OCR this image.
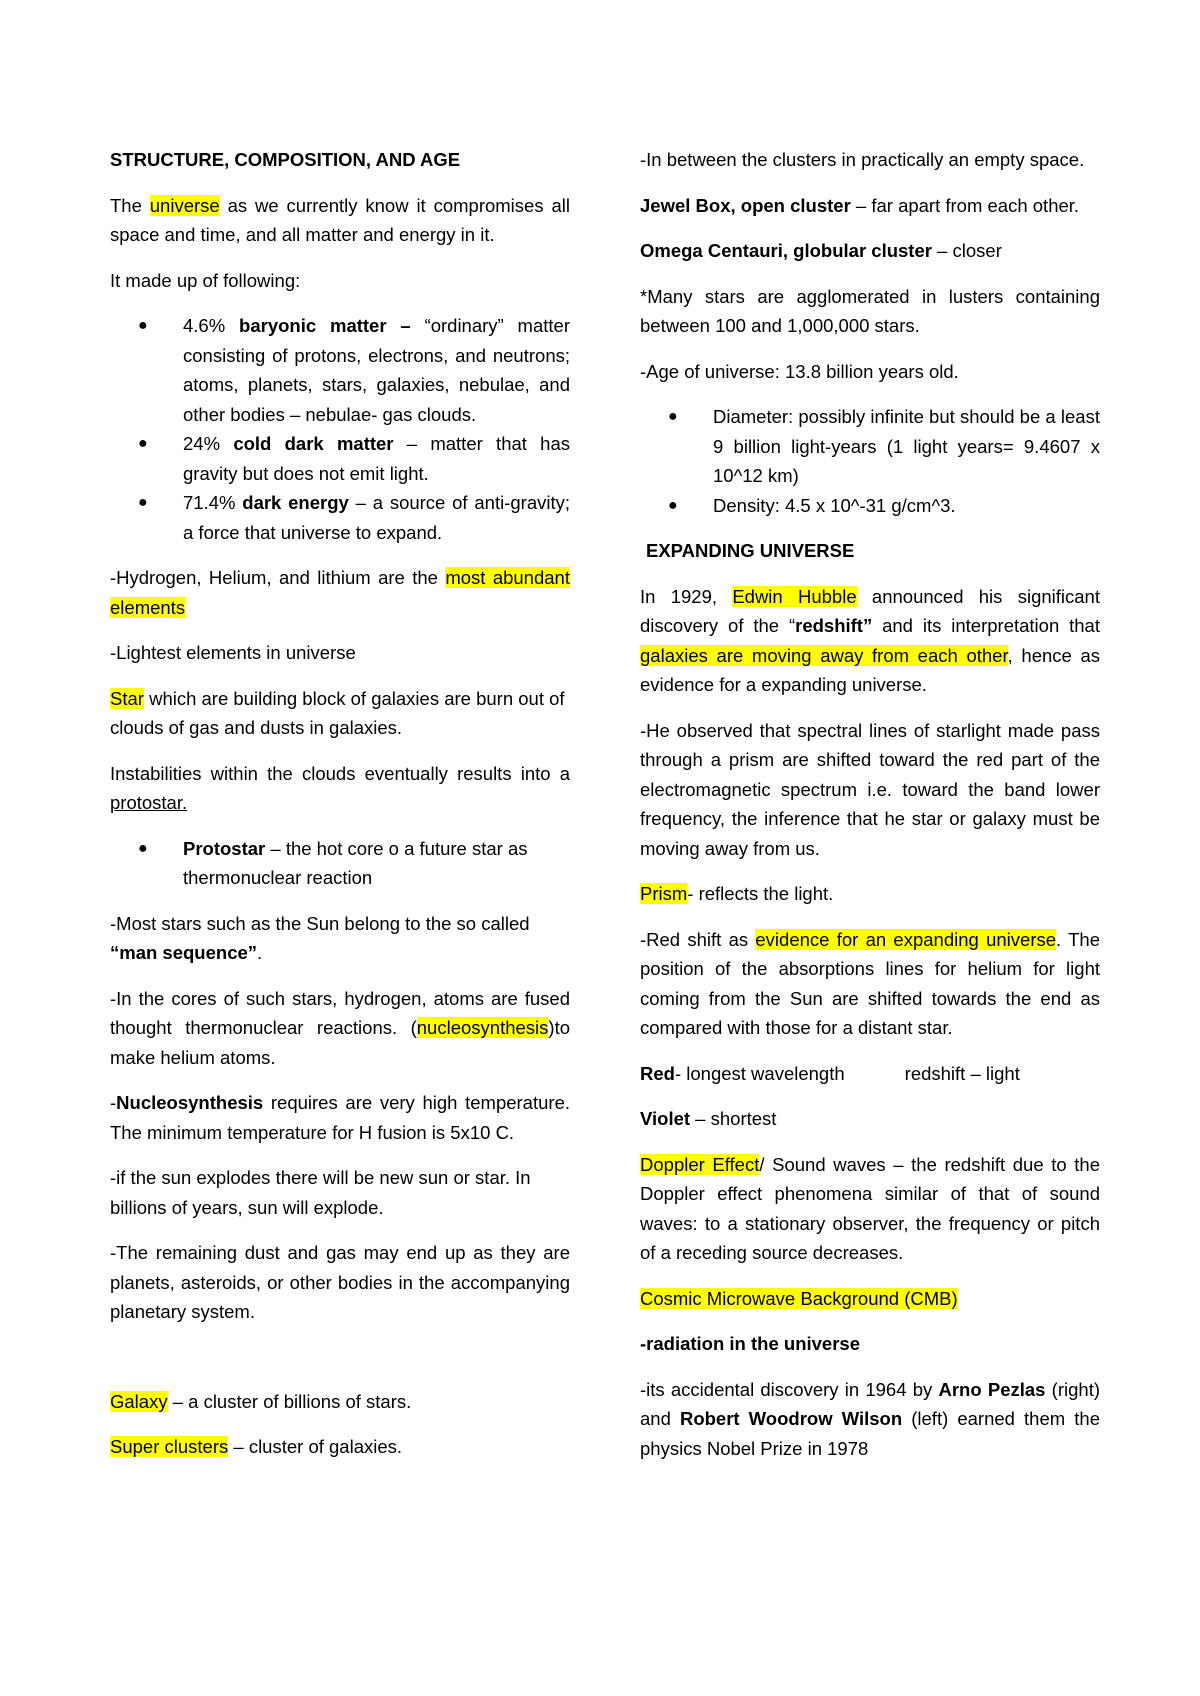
STRUCTURE, COMPOSITION, AND AGE

The universe as we currently know it compromises all space and time, and all matter and energy in it.

It made up of following:

● 4.6% baryonic matter – “ordinary” matter consisting of protons, electrons, and neutrons; atoms, planets, stars, galaxies, nebulae, and other bodies – nebulae- gas clouds.
● 24% cold dark matter – matter that has gravity but does not emit light.
● 71.4% dark energy – a source of anti-gravity; a force that universe to expand.

-Hydrogen, Helium, and lithium are the most abundant elements

-Lightest elements in universe

Star which are building block of galaxies are burn out of clouds of gas and dusts in galaxies.

Instabilities within the clouds eventually results into a protostar.

● Protostar – the hot core o a future star as thermonuclear reaction

-Most stars such as the Sun belong to the so called “man sequence”.

-In the cores of such stars, hydrogen, atoms are fused thought thermonuclear reactions. (nucleosynthesis)to make helium atoms.

-Nucleosynthesis requires are very high temperature. The minimum temperature for H fusion is 5x10 C.

-if the sun explodes there will be new sun or star. In billions of years, sun will explode.

-The remaining dust and gas may end up as they are planets, asteroids, or other bodies in the accompanying planetary system.

Galaxy – a cluster of billions of stars.

Super clusters – cluster of galaxies.

-In between the clusters in practically an empty space.

Jewel Box, open cluster – far apart from each other.

Omega Centauri, globular cluster – closer

*Many stars are agglomerated in lusters containing between 100 and 1,000,000 stars.

-Age of universe: 13.8 billion years old.

● Diameter: possibly infinite but should be a least 9 billion light-years (1 light years= 9.4607 x 10^12 km)
● Density: 4.5 x 10^-31 g/cm^3.
EXPANDING UNIVERSE

In 1929, Edwin Hubble announced his significant discovery of the “redshift” and its interpretation that galaxies are moving away from each other, hence as evidence for a expanding universe.

-He observed that spectral lines of starlight made pass through a prism are shifted toward the red part of the electromagnetic spectrum i.e. toward the band lower frequency, the inference that he star or galaxy must be moving away from us.

Prism- reflects the light.

-Red shift as evidence for an expanding universe. The position of the absorptions lines for helium for light coming from the Sun are shifted towards the end as compared with those for a distant star.

Red- longest wavelength	redshift – light

Violet – shortest

Doppler Effect/ Sound waves – the redshift due to the Doppler effect phenomena similar of that of sound waves: to a stationary observer, the frequency or pitch of a receding source decreases.

Cosmic Microwave Background (CMB)

-radiation in the universe

-its accidental discovery in 1964 by Arno Pezlas (right) and Robert Woodrow Wilson (left) earned them the physics Nobel Prize in 1978
